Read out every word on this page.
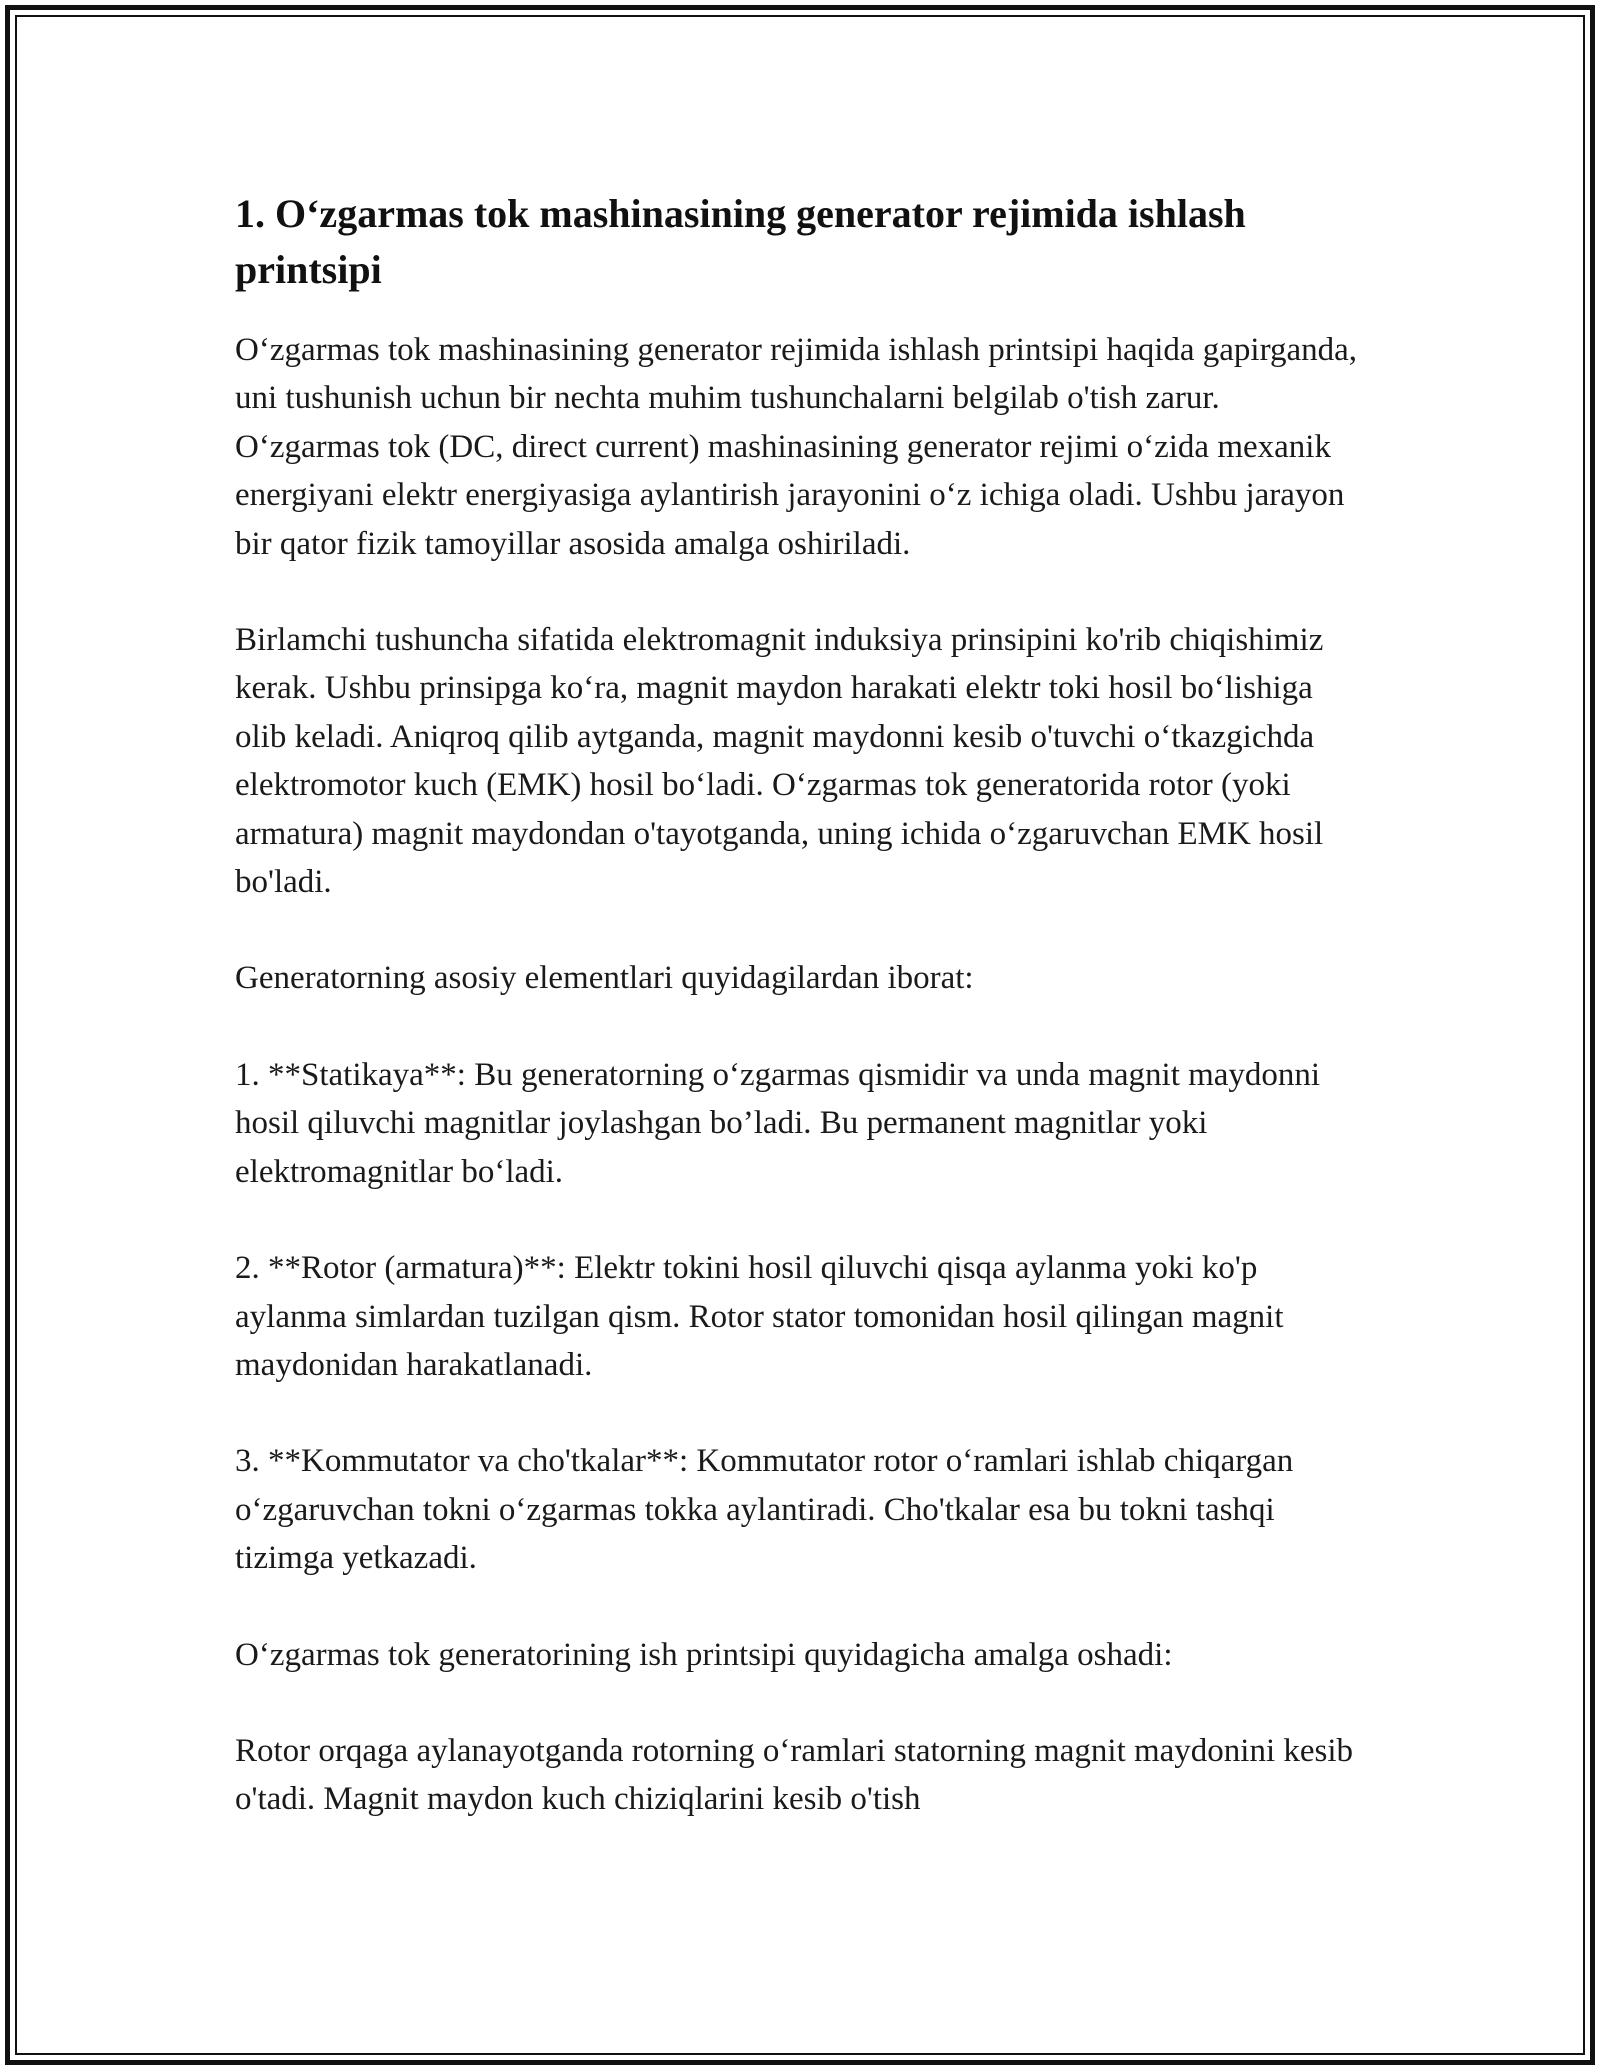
1. O‘zgarmas tok mashinasining generator rejimida ishlash printsipi

O‘zgarmas tok mashinasining generator rejimida ishlash printsipi haqida gapirganda, uni tushunish uchun bir nechta muhim tushunchalarni belgilab o'tish zarur. O‘zgarmas tok (DC, direct current) mashinasining generator rejimi o‘zida mexanik energiyani elektr energiyasiga aylantirish jarayonini o‘z ichiga oladi. Ushbu jarayon bir qator fizik tamoyillar asosida amalga oshiriladi.

Birlamchi tushuncha sifatida elektromagnit induksiya prinsipini ko'rib chiqishimiz kerak. Ushbu prinsipga ko‘ra, magnit maydon harakati elektr toki hosil bo‘lishiga olib keladi. Aniqroq qilib aytganda, magnit maydonni kesib o'tuvchi o‘tkazgichda elektromotor kuch (EMK) hosil bo‘ladi. O‘zgarmas tok generatorida rotor (yoki armatura) magnit maydondan o'tayotganda, uning ichida o‘zgaruvchan EMK hosil bo'ladi.

Generatorning asosiy elementlari quyidagilardan iborat:

1. **Statikaya**: Bu generatorning o‘zgarmas qismidir va unda magnit maydonni hosil qiluvchi magnitlar joylashgan bo’ladi. Bu permanent magnitlar yoki elektromagnitlar bo‘ladi.

2. **Rotor (armatura)**: Elektr tokini hosil qiluvchi qisqa aylanma yoki ko'p aylanma simlardan tuzilgan qism. Rotor stator tomonidan hosil qilingan magnit maydonidan harakatlanadi.

3. **Kommutator va cho'tkalar**: Kommutator rotor o‘ramlari ishlab chiqargan o‘zgaruvchan tokni o‘zgarmas tokka aylantiradi. Cho'tkalar esa bu tokni tashqi tizimga yetkazadi.

O‘zgarmas tok generatorining ish printsipi quyidagicha amalga oshadi:

Rotor orqaga aylanayotganda rotorning o‘ramlari statorning magnit maydonini kesib o'tadi. Magnit maydon kuch chiziqlarini kesib o'tish
